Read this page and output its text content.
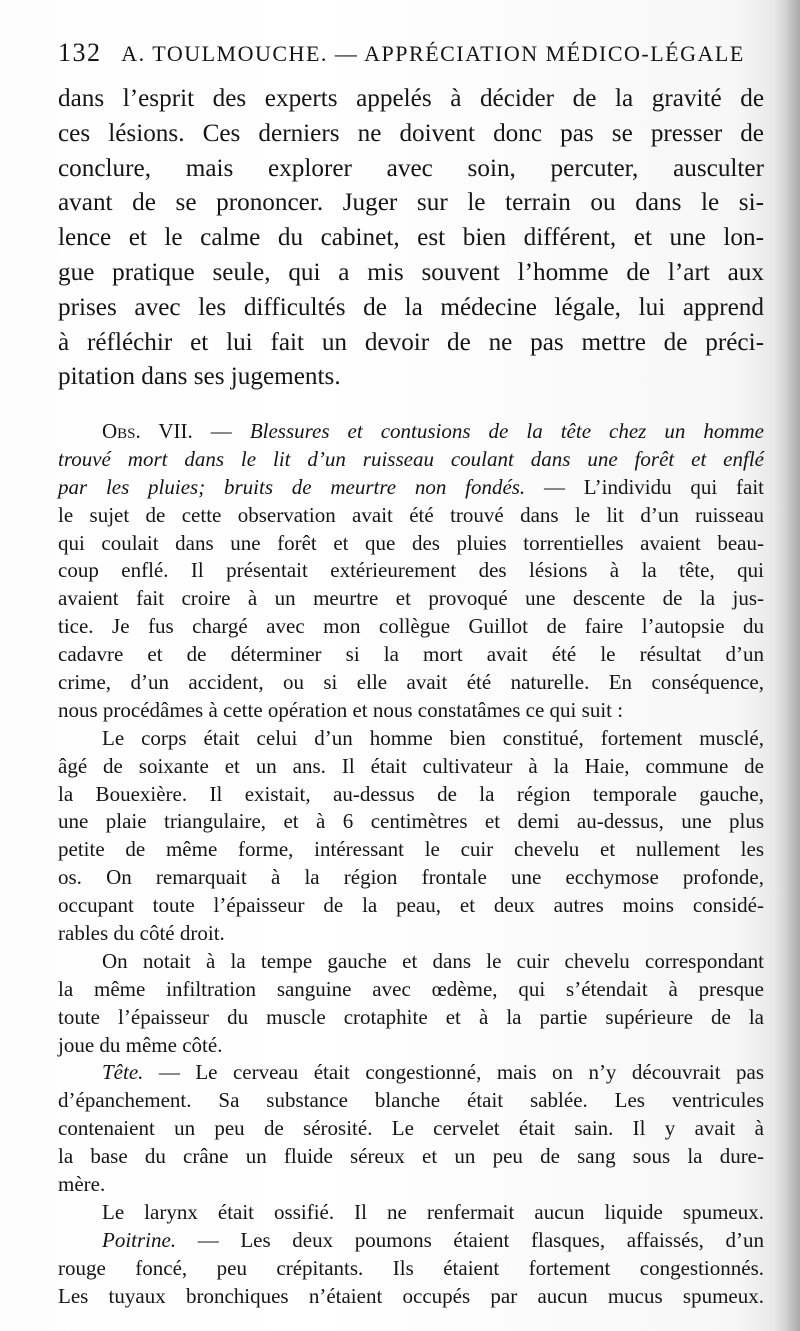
132 A. TOULMOUCHE. — APPRÉCIATION MÉDICO-LÉGALE
dans l’esprit des experts appelés à décider de la gravité de
ces lésions. Ces derniers ne doivent donc pas se presser de
conclure, mais explorer avec soin, percuter, ausculter
avant de se prononcer. Juger sur le terrain ou dans le si-
lence et le calme du cabinet, est bien différent, et une lon-
gue pratique seule, qui a mis souvent l’homme de l’art aux
prises avec les difficultés de la médecine légale, lui apprend
à réfléchir et lui fait un devoir de ne pas mettre de préci-
pitation dans ses jugements.
Obs. VII. — Blessures et contusions de la tête chez un homme
trouvé mort dans le lit d’un ruisseau coulant dans une forêt et enflé
par les pluies; bruits de meurtre non fondés. — L’individu qui fait
le sujet de cette observation avait été trouvé dans le lit d’un ruisseau
qui coulait dans une forêt et que des pluies torrentielles avaient beau-
coup enflé. Il présentait extérieurement des lésions à la tête, qui
avaient fait croire à un meurtre et provoqué une descente de la jus-
tice. Je fus chargé avec mon collègue Guillot de faire l’autopsie du
cadavre et de déterminer si la mort avait été le résultat d’un
crime, d’un accident, ou si elle avait été naturelle. En conséquence,
nous procédâmes à cette opération et nous constatâmes ce qui suit :
Le corps était celui d’un homme bien constitué, fortement musclé,
âgé de soixante et un ans. Il était cultivateur à la Haie, commune de
la Bouexière. Il existait, au-dessus de la région temporale gauche,
une plaie triangulaire, et à 6 centimètres et demi au-dessus, une plus
petite de même forme, intéressant le cuir chevelu et nullement les
os. On remarquait à la région frontale une ecchymose profonde,
occupant toute l’épaisseur de la peau, et deux autres moins considé-
rables du côté droit.
On notait à la tempe gauche et dans le cuir chevelu correspondant
la même infiltration sanguine avec œdème, qui s’étendait à presque
toute l’épaisseur du muscle crotaphite et à la partie supérieure de la
joue du même côté.
Tête. — Le cerveau était congestionné, mais on n’y découvrait pas
d’épanchement. Sa substance blanche était sablée. Les ventricules
contenaient un peu de sérosité. Le cervelet était sain. Il y avait à
la base du crâne un fluide séreux et un peu de sang sous la dure-
mère.
Le larynx était ossifié. Il ne renfermait aucun liquide spumeux.
Poitrine. — Les deux poumons étaient flasques, affaissés, d’un
rouge foncé, peu crépitants. Ils étaient fortement congestionnés.
Les tuyaux bronchiques n’étaient occupés par aucun mucus spumeux.
